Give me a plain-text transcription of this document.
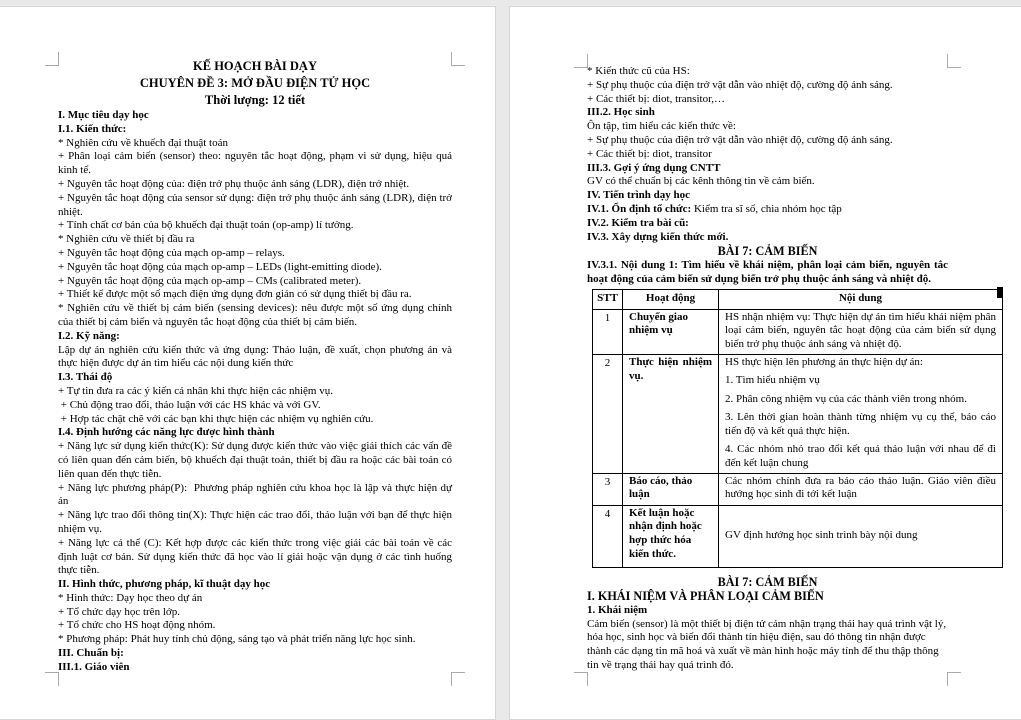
KẾ HOẠCH BÀI DẠY

CHUYÊN ĐỀ 3: MỞ ĐẦU ĐIỆN TỬ HỌC

Thời lượng: 12 tiết

I. Mục tiêu dạy học

I.1. Kiến thức:

* Nghiên cứu về khuếch đại thuật toán

+ Phân loại cảm biến (sensor) theo: nguyên tắc hoạt động, phạm vi sử dụng, hiệu quả kinh tế.

+ Nguyên tắc hoạt động của: điện trở phụ thuộc ánh sáng (LDR), điện trở nhiệt.

+ Nguyên tắc hoạt động của sensor sử dụng: điện trở phụ thuộc ánh sáng (LDR), điện trở nhiệt.

+ Tính chất cơ bản của bộ khuếch đại thuật toán (op-amp) lí tưởng.

* Nghiên cứu về thiết bị đầu ra

+ Nguyên tắc hoạt động của mạch op-amp – relays.

+ Nguyên tắc hoạt động của mạch op-amp – LEDs (light-emitting diode).

+ Nguyên tắc hoạt động của mạch op-amp – CMs (calibrated meter).

+ Thiết kế được một số mạch điện ứng dụng đơn giản có sử dụng thiết bị đầu ra.

* Nghiên cứu về thiết bị cảm biến (sensing devices): nêu được một số ứng dụng chính của thiết bị cảm biến và nguyên tắc hoạt động của thiết bị cảm biến.

I.2. Kỹ năng:

Lập dự án nghiên cứu kiến thức và ứng dụng: Thảo luận, đề xuất, chọn phương án và thực hiện được dự án tìm hiểu các nội dung kiến thức

I.3. Thái độ

+ Tự tin đưa ra các ý kiến cá nhân khi thực hiện các nhiệm vụ.

+ Chủ động trao đổi, thảo luận với các HS khác và với GV.

+ Hợp tác chặt chẽ với các bạn khi thực hiện các nhiệm vụ nghiên cứu.

I.4. Định hướng các năng lực được hình thành

+ Năng lực sử dụng kiến thức(K): Sử dụng được kiến thức vào việc giải thích các vấn đề có liên quan đến cảm biến, bộ khuếch đại thuật toán, thiết bị đầu ra hoặc các bài toán có liên quan đến thực tiễn.

+ Năng lực phương pháp(P):  Phương pháp nghiên cứu khoa học là lập và thực hiện dự án

+ Năng lực trao đổi thông tin(X): Thực hiện các trao đổi, thảo luận với bạn để thực hiện nhiệm vụ.

+ Năng lực cá thể (C): Kết hợp được các kiến thức trong việc giải các bài toán về các định luật cơ bản. Sử dụng kiến thức đã học vào lí giải hoặc vận dụng ở các tình huống thực tiễn.

II. Hình thức, phương pháp, kĩ thuật dạy học

* Hình thức: Dạy học theo dự án

+ Tổ chức dạy học trên lớp.

+ Tổ chức cho HS hoạt động nhóm.

* Phương pháp: Phát huy tính chủ động, sáng tạo và phát triển năng lực học sinh.

III. Chuẩn bị:

III.1. Giáo viên

* Kiến thức cũ của HS:

+ Sự phụ thuộc của điện trở vật dẫn vào nhiệt độ, cường độ ánh sáng.

+ Các thiết bị: diot, transitor,…

III.2. Học sinh

Ôn tập, tìm hiểu các kiến thức về:

+ Sự phụ thuộc của điện trở vật dẫn vào nhiệt độ, cường độ ánh sáng.

+ Các thiết bị: diot, transitor

III.3. Gợi ý ứng dụng CNTT

GV có thể chuẩn bị các kênh thông tin về cảm biến.

IV. Tiến trình dạy học

IV.1. Ổn định tổ chức: Kiểm tra sĩ số, chia nhóm học tập

IV.2. Kiểm tra bài cũ:

IV.3. Xây dựng kiến thức mới.

BÀI 7: CẢM BIẾN

IV.3.1. Nội dung 1: Tìm hiểu về khái niệm, phân loại cảm biến, nguyên tắc hoạt động của cảm biến sử dụng biến trở phụ thuộc ánh sáng và nhiệt độ.

STT	Hoạt động	Nội dung
1	Chuyển giao nhiệm vụ	HS nhận nhiệm vụ: Thực hiện dự án tìm hiểu khái niệm phân loại cảm biến, nguyên tắc hoạt động của cảm biến sử dụng biến trở phụ thuộc ánh sáng và nhiệt độ.

2	Thực hiện nhiệm vụ.	HS thực hiện lên phương án thực hiện dự án:

1. Tìm hiểu nhiệm vụ

2. Phân công nhiệm vụ của các thành viên trong nhóm.

3. Lên thời gian hoàn thành từng nhiệm vụ cụ thể, báo cáo tiến độ và kết quả thực hiện.

4. Các nhóm nhỏ trao đổi kết quả thảo luận với nhau để đi đến kết luận chung

3	Báo cáo, thảo luận	Các nhóm chính đưa ra báo cáo thảo luận. Giáo viên điều hướng học sinh đi tới kết luận

4	Kết luận hoặc nhận định hoặc hợp thức hóa kiến thức.	GV định hướng học sinh trình bày nội dung

BÀI 7: CẢM BIẾN

I. KHÁI NIỆM VÀ PHÂN LOẠI CẢM BIẾN

1. Khái niệm

Cảm biến (sensor) là một thiết bị điện tử cảm nhận trạng thái hay quá trình vật lý, hóa học, sinh học và biến đổi thành tín hiệu điện, sau đó thông tin nhận được thành các dạng tin mã hoá và xuất về màn hình hoặc máy tính để thu thập thông tin về trạng thái hay quá trình đó.
